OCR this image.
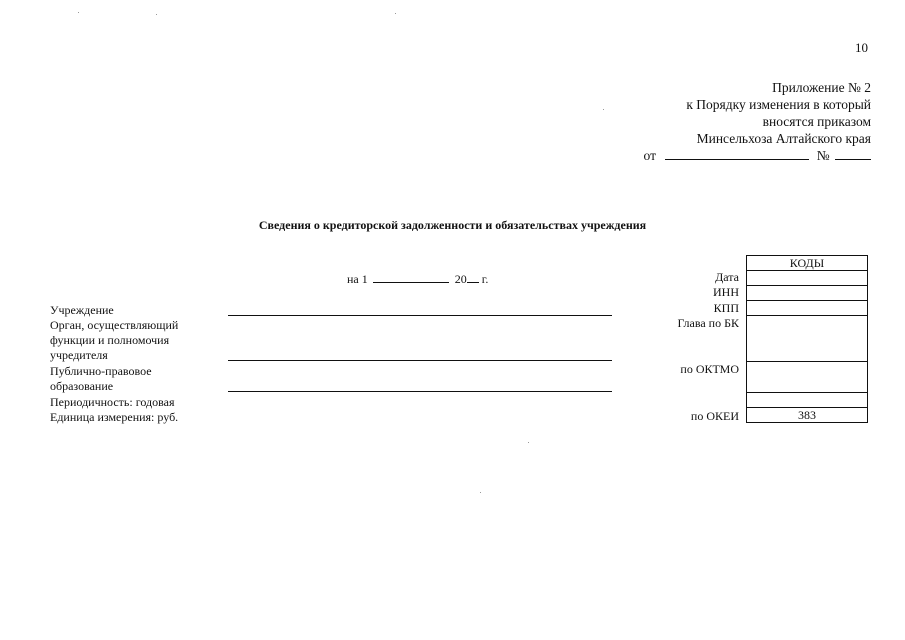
10
Приложение № 2
к Порядку изменения в который
вносятся приказом
Минсельхоза Алтайского края
от	№
Сведения о кредиторской задолженности и обязательствах учреждения
на 1	20 г.
Учреждение
Орган, осуществляющий
функции и полномочия
учредителя
Публично-правовое
образование
Периодичность: годовая
Единица измерения: руб.
Дата
ИНН
КПП
Глава по БК
по ОКТМО
по ОКЕИ
КОДЫ
383
